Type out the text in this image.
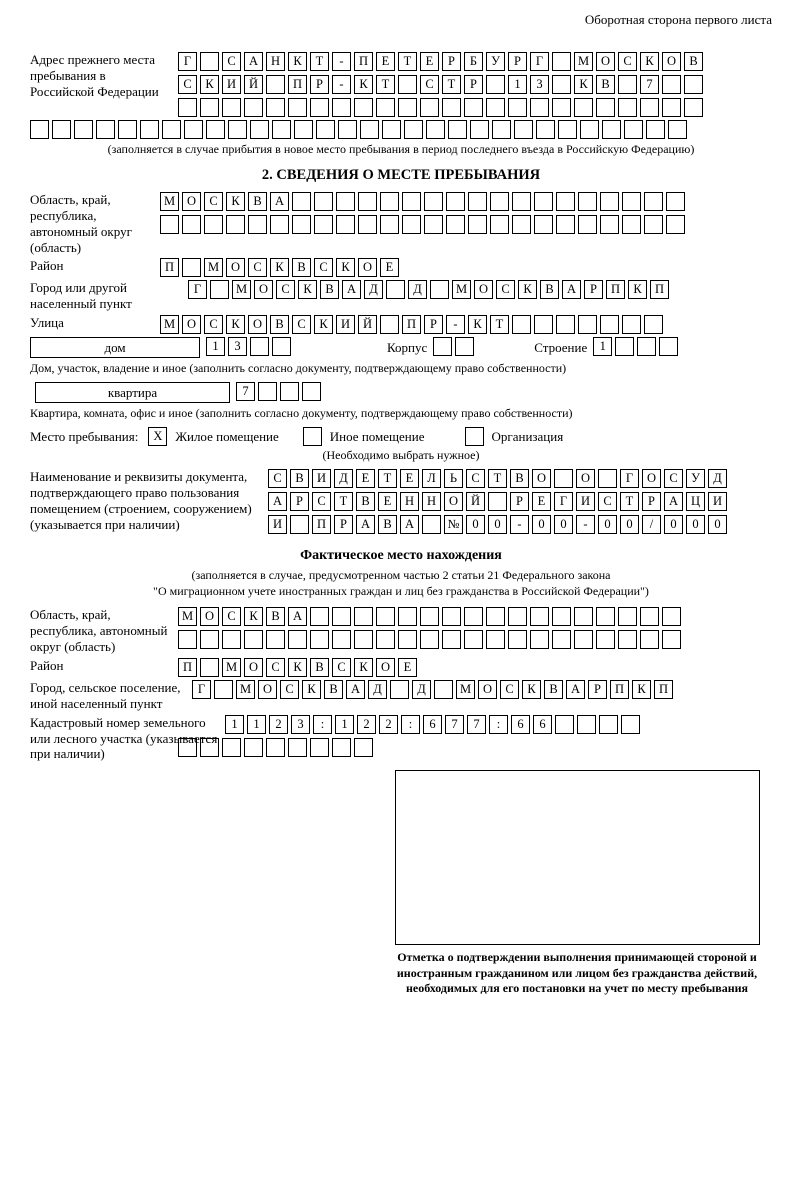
Оборотная сторона первого листа
Адрес прежнего места пребывания в Российской Федерации
Г	С	А	Н	К	Т	-	П	Е	Т	Е	Р	Б	У	Р	Г	М О	С	К	О	В
С	К	И	Й	П	Р	-	К	Т	С	Т	Р	1	3	К	В	7
(заполняется в случае прибытия в новое место пребывания в период последнего въезда в Российскую Федерацию)
2. СВЕДЕНИЯ О МЕСТЕ ПРЕБЫВАНИЯ
Область, край, республика, автономный округ (область)
М О	С	К	В	А
Район	П	М О	С	К	В	С	К	О	Е
Город или другой населенный пункт
Г	М О	С	К	В	А	Д	Д	М О	С	К	В	А	Р	П	К	П
Улица	М О	С	К	О	В	С	К	И	Й	П	Р	-	К	Т
дом	1	3	Корпус	Строение 1
Дом, участок, владение и иное (заполнить согласно документу, подтверждающему право собственности)
квартира	7
Квартира, комната, офис и иное (заполнить согласно документу, подтверждающему право собственности)
Место пребывания:	X Жилое помещение	Иное помещение	Организация
(Необходимо выбрать нужное)
Наименование и реквизиты документа, подтверждающего право пользования помещением (строением, сооружением) (указывается при наличии)
С	В	И	Д	Е	Т	Е	Л	Ь	С	Т	В	О	О	Г	О	С	У	Д
А	Р	С	Т	В	Е	Н	Н	О	Й	Р	Е	Г	И	С	Т	Р	А	Ц	И
И	П	Р	А	В	А	№	0	0	-	0	0	-	0	0	/	0	0	0
Фактическое место нахождения
(заполняется в случае, предусмотренном частью 2 статьи 21 Федерального закона
"О миграционном учете иностранных граждан и лиц без гражданства в Российской Федерации")
Область, край, республика, автономный округ (область)
М О	С	К	В	А
Район	П	М О	С	К	В	С	К	О	Е
Город, сельское поселение, иной населенный пункт
Г	М О	С	К	В	А	Д	Д	М О	С	К	В	А	Р	П	К	П
Кадастровый номер земельного или лесного участка (указывается при наличии)
1	1	2	3	:	1	2	2	:	6	7	7	:	6	6
Отметка о подтверждении выполнения принимающей стороной и иностранным гражданином или лицом без гражданства действий, необходимых для его постановки на учет по месту пребывания
